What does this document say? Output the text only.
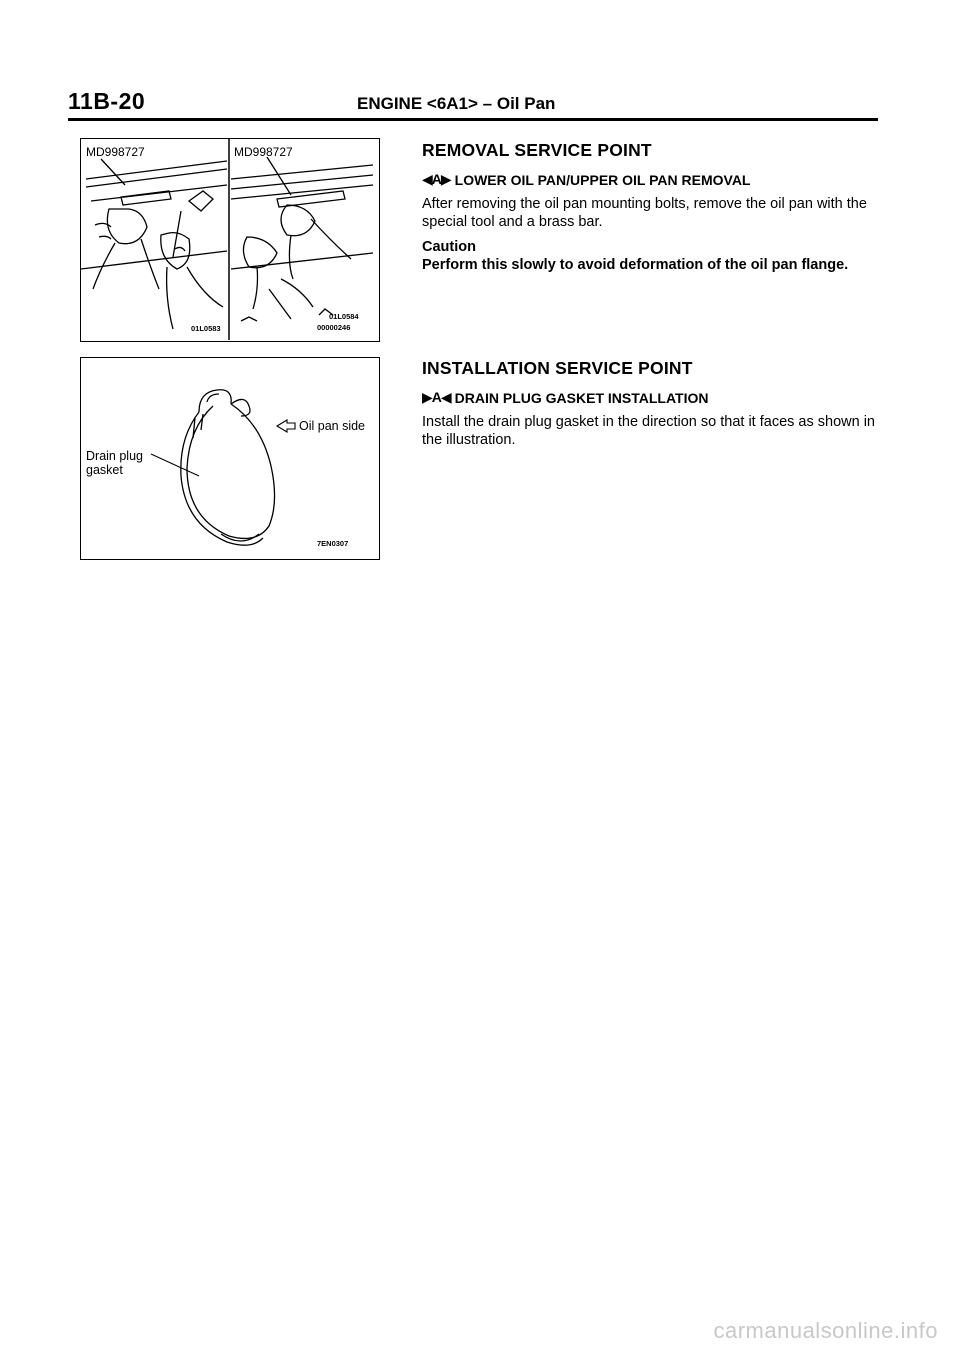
11B-20	ENGINE <6A1> – Oil Pan
MD998727
01L0583
MD998727
01L0584
00000246
Oil pan side
Drain plug
gasket
7EN0307
REMOVAL SERVICE POINT
◀A▶ LOWER OIL PAN/UPPER OIL PAN REMOVAL

After removing the oil pan mounting bolts, remove the oil pan with the special tool and a brass bar.

Caution

Perform this slowly to avoid deformation of the oil pan flange.

INSTALLATION SERVICE POINT
▶A◀ DRAIN PLUG GASKET INSTALLATION

Install the drain plug gasket in the direction so that it faces as shown in the illustration.

carmanualsonline.info
